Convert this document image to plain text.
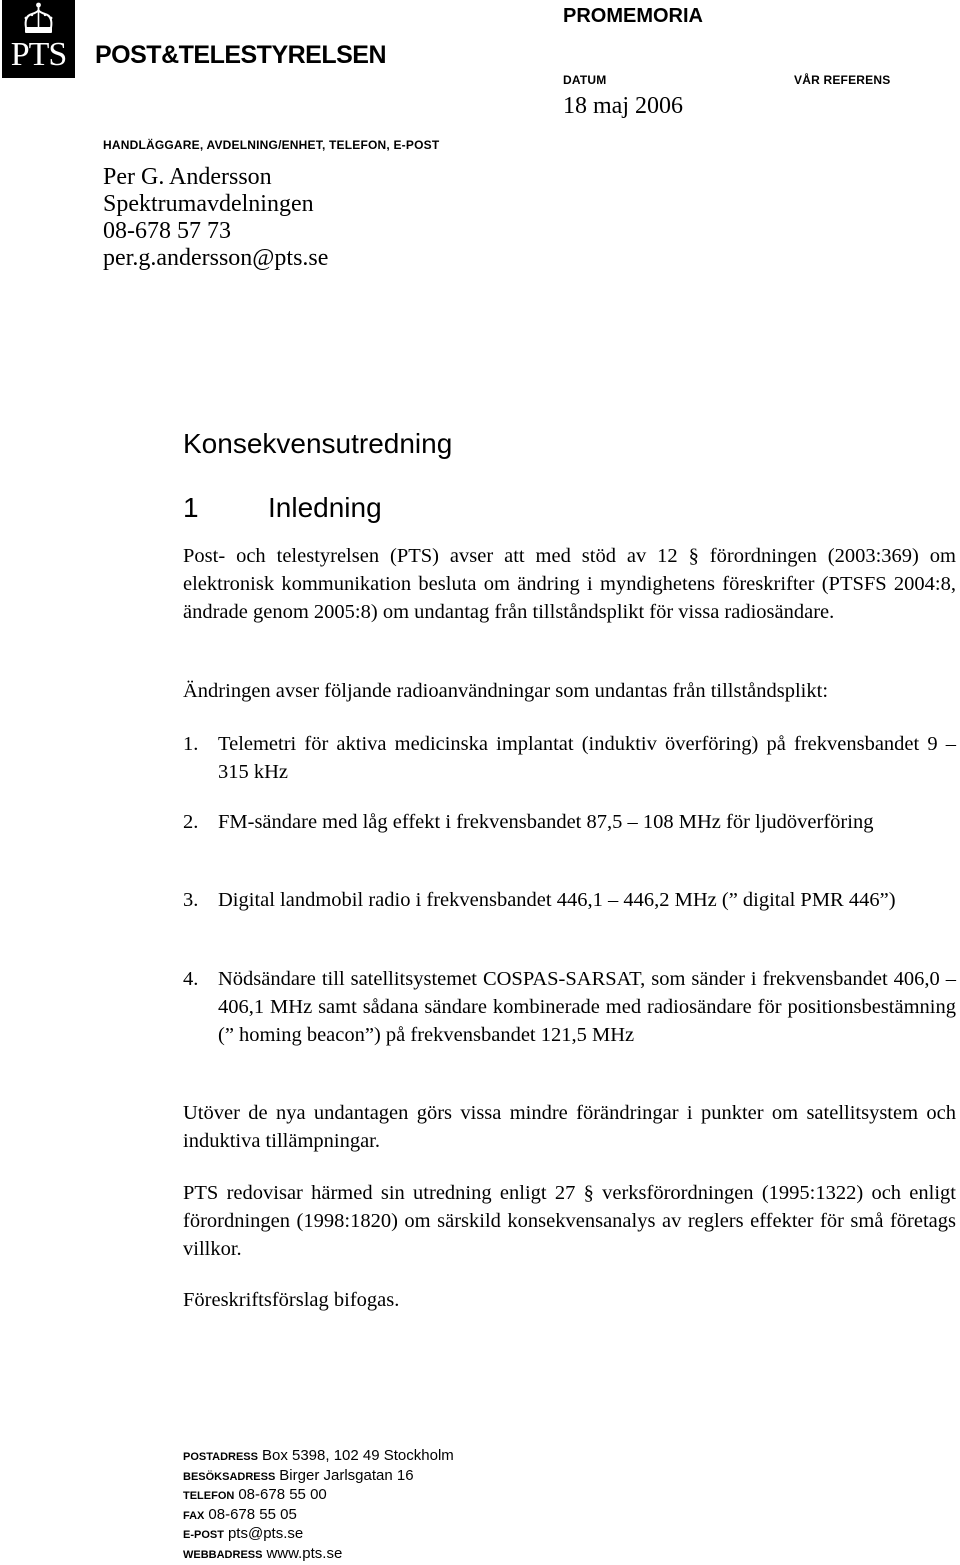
PTS	POST&TELESTYRELSEN
PROMEMORIA
DATUM
18 maj 2006
VÅR REFERENS
HANDLÄGGARE, AVDELNING/ENHET, TELEFON, E-POST
Per G. Andersson
Spektrumavdelningen
08-678 57 73
per.g.andersson@pts.se
Konsekvensutredning
1 Inledning

Post- och telestyrelsen (PTS) avser att med stöd av 12 § förordningen (2003:369) om elektronisk kommunikation besluta om ändring i myndighetens föreskrifter (PTSFS 2004:8, ändrade genom 2005:8) om undantag från tillståndsplikt för vissa radiosändare.

Ändringen avser följande radioanvändningar som undantas från tillståndsplikt:

1. Telemetri för aktiva medicinska implantat (induktiv överföring) på frekvensbandet 9 – 315 kHz
2. FM-sändare med låg effekt i frekvensbandet 87,5 – 108 MHz för ljudöverföring
3. Digital landmobil radio i frekvensbandet 446,1 – 446,2 MHz (” digital PMR 446”)
4. Nödsändare till satellitsystemet COSPAS-SARSAT, som sänder i frekvensbandet 406,0 – 406,1 MHz samt sådana sändare kombinerade med radiosändare för positionsbestämning (” homing beacon”) på frekvensbandet 121,5 MHz

Utöver de nya undantagen görs vissa mindre förändringar i punkter om satellitsystem och induktiva tillämpningar.

PTS redovisar härmed sin utredning enligt 27 § verksförordningen (1995:1322) och enligt förordningen (1998:1820) om särskild konsekvensanalys av reglers effekter för små företags villkor.

Föreskriftsförslag bifogas.

POSTADRESS Box 5398, 102 49 Stockholm
BESÖKSADRESS Birger Jarlsgatan 16
TELEFON 08-678 55 00
FAX 08-678 55 05
E-POST pts@pts.se
WEBBADRESS www.pts.se
